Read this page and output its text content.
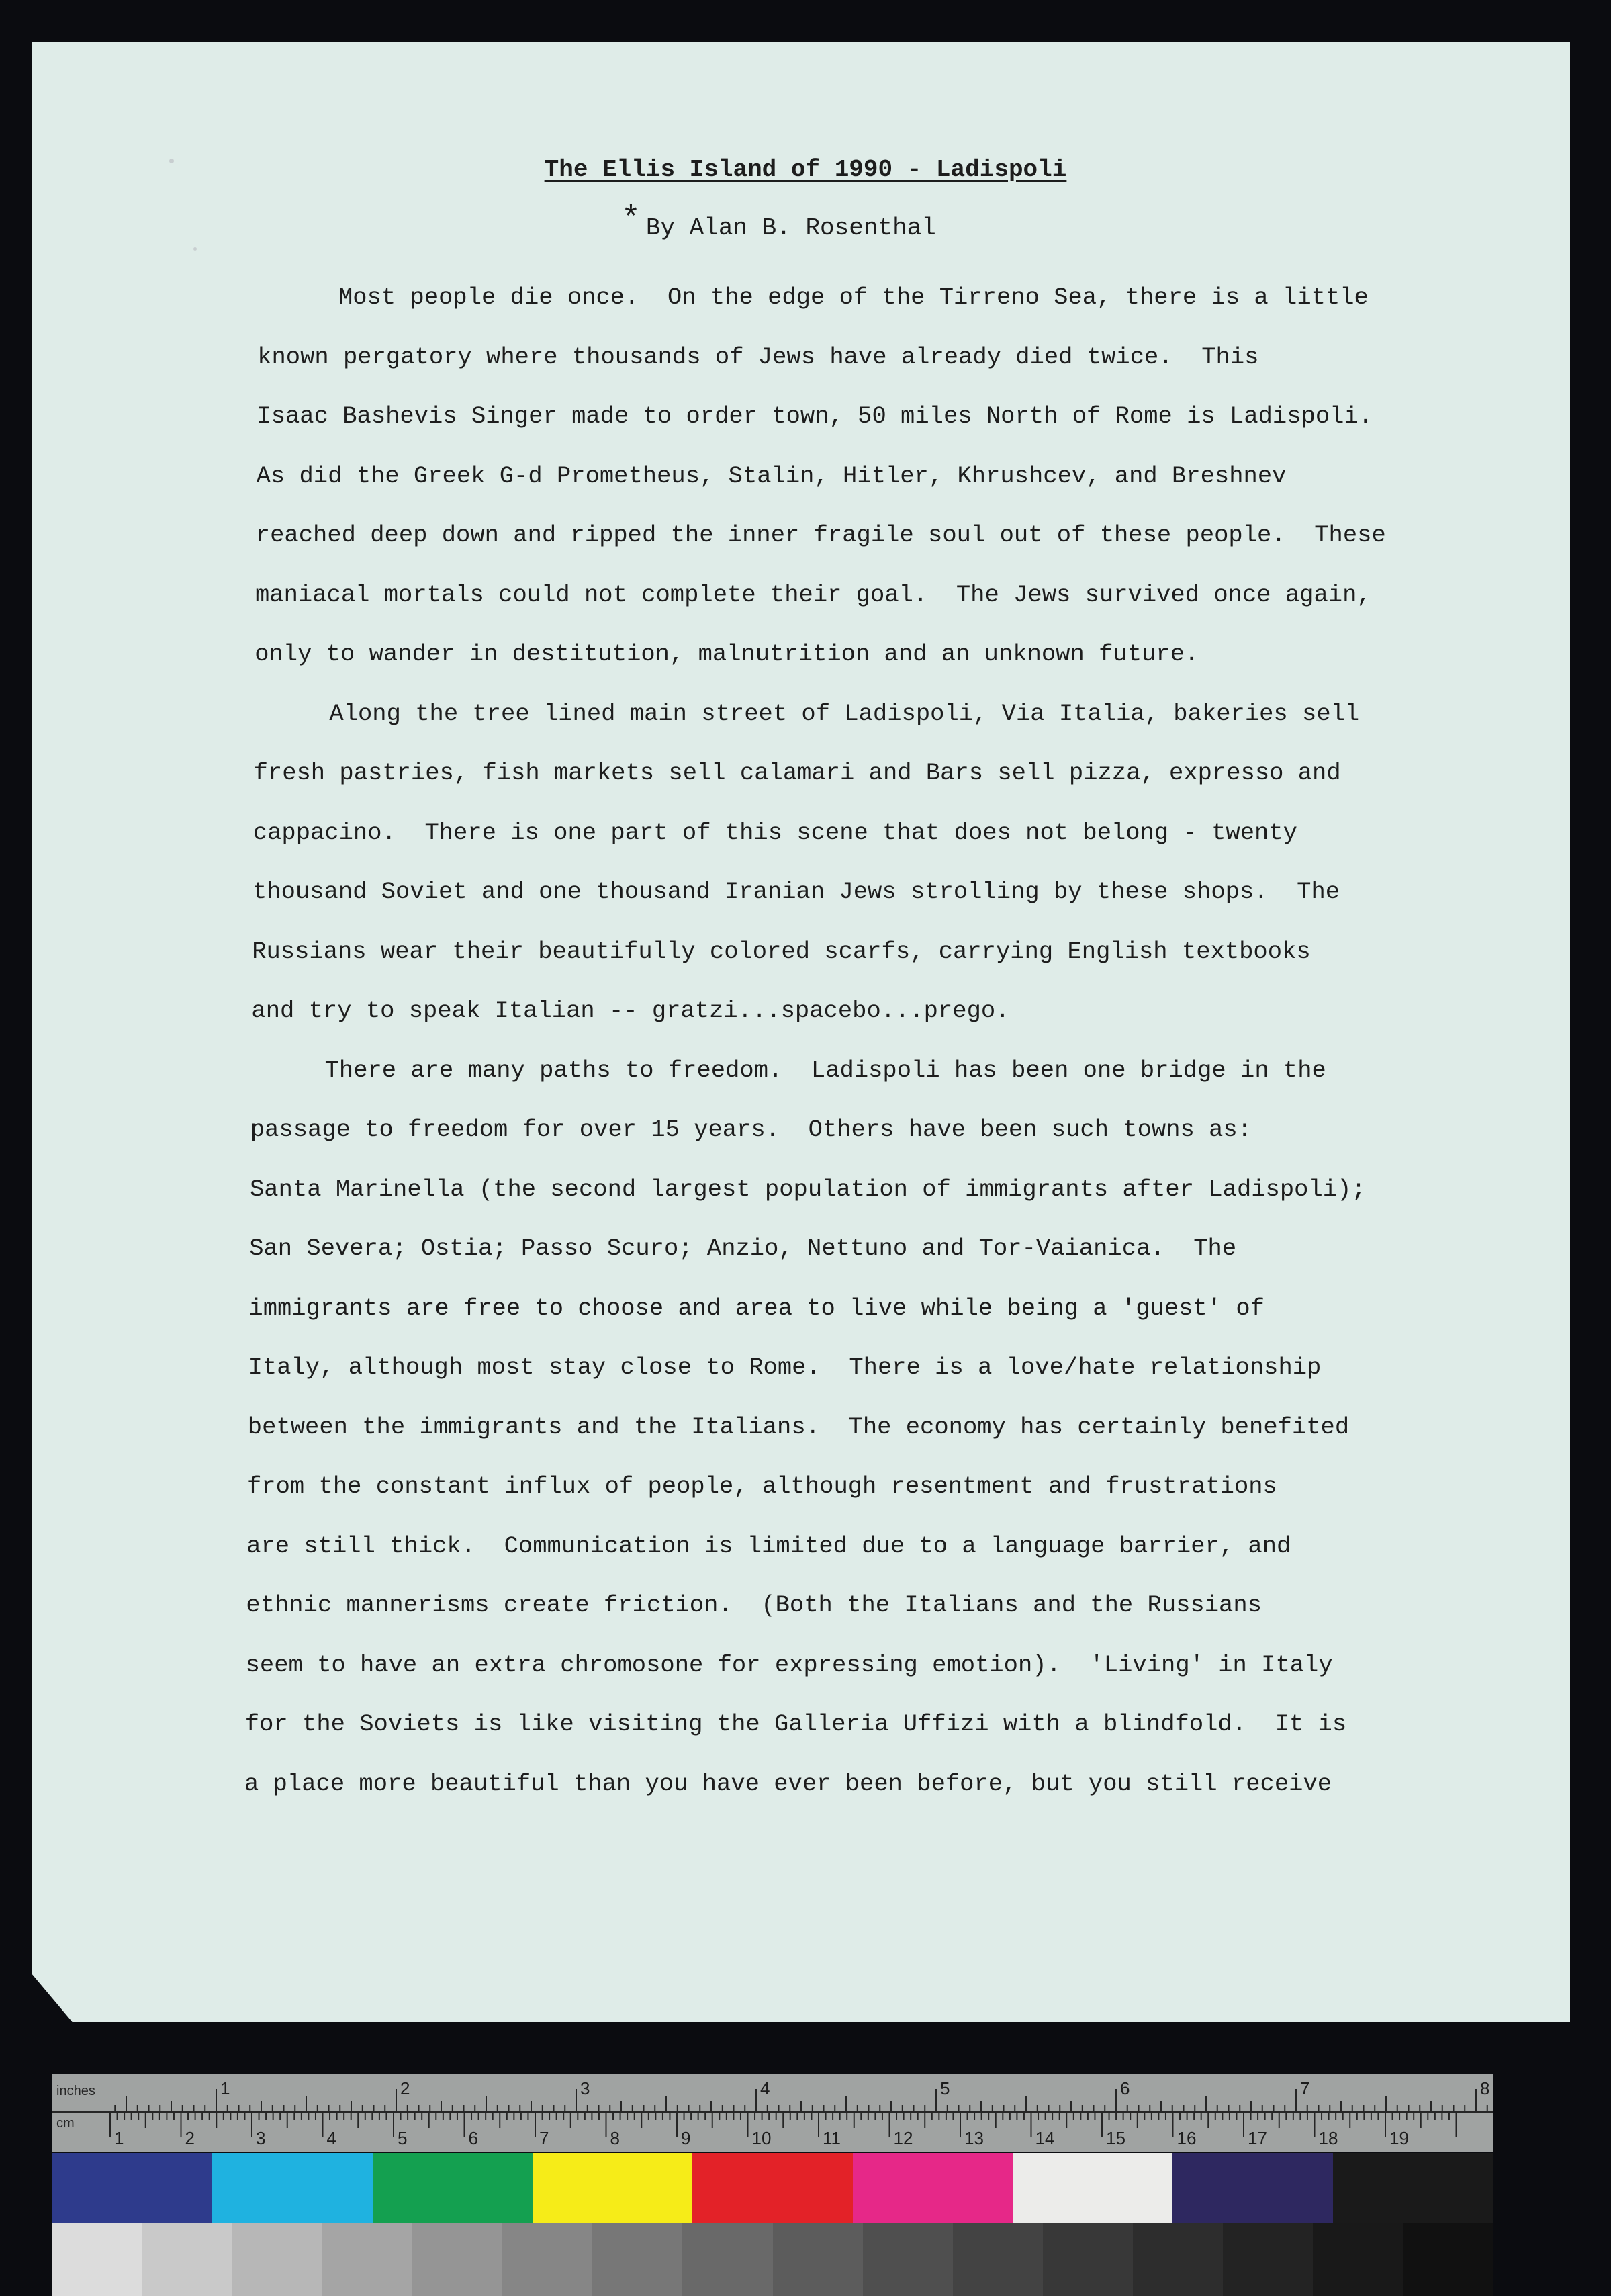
The Ellis Island of 1990 - Ladispoli
* By Alan B. Rosenthal

Most people die once.  On the edge of the Tirreno Sea, there is a little

known pergatory where thousands of Jews have already died twice.  This

Isaac Bashevis Singer made to order town, 50 miles North of Rome is Ladispoli.

As did the Greek G-d Prometheus, Stalin, Hitler, Khrushcev, and Breshnev

reached deep down and ripped the inner fragile soul out of these people.  These

maniacal mortals could not complete their goal.  The Jews survived once again,

only to wander in destitution, malnutrition and an unknown future.

Along the tree lined main street of Ladispoli, Via Italia, bakeries sell

fresh pastries, fish markets sell calamari and Bars sell pizza, expresso and

cappacino.  There is one part of this scene that does not belong - twenty

thousand Soviet and one thousand Iranian Jews strolling by these shops.  The

Russians wear their beautifully colored scarfs, carrying English textbooks

and try to speak Italian -- gratzi...spacebo...prego.

There are many paths to freedom.  Ladispoli has been one bridge in the

passage to freedom for over 15 years.  Others have been such towns as:

Santa Marinella (the second largest population of immigrants after Ladispoli);

San Severa; Ostia; Passo Scuro; Anzio, Nettuno and Tor-Vaianica.  The

immigrants are free to choose and area to live while being a 'guest' of

Italy, although most stay close to Rome.  There is a love/hate relationship

between the immigrants and the Italians.  The economy has certainly benefited

from the constant influx of people, although resentment and frustrations

are still thick.  Communication is limited due to a language barrier, and

ethnic mannerisms create friction.  (Both the Italians and the Russians

seem to have an extra chromosone for expressing emotion).  'Living' in Italy

for the Soviets is like visiting the Galleria Uffizi with a blindfold.  It is

a place more beautiful than you have ever been before, but you still receive

inches
cm
1	2	3	4	5	6	7	8
1	2	3	4	5	6	7	8	9	10	11	12	13	14	15	16	17	18	19
